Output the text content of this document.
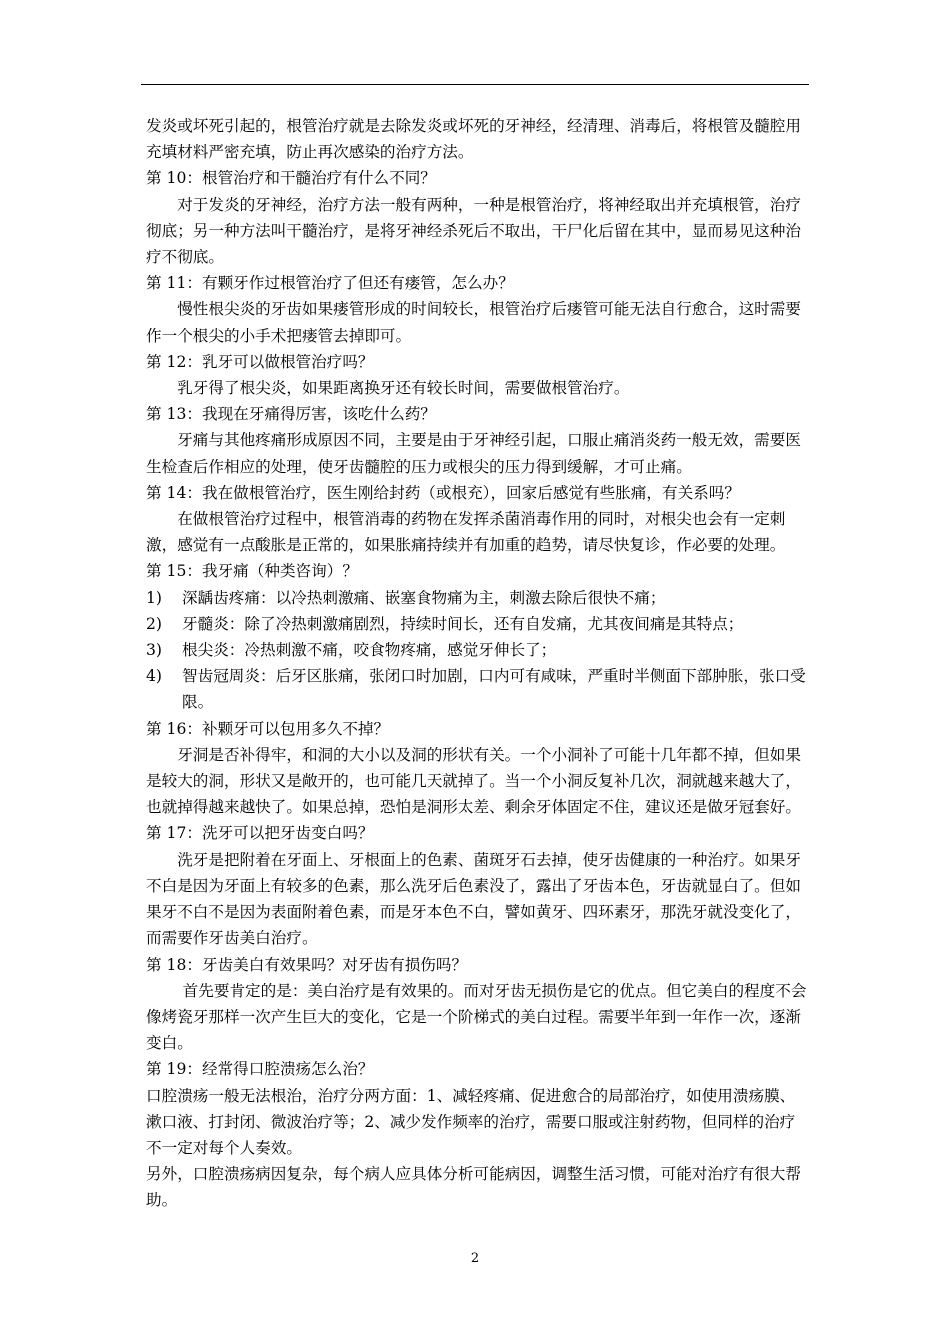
发炎或坏死引起的，根管治疗就是去除发炎或坏死的牙神经，经清理、消毒后，将根管及髓腔用充填材料严密充填，防止再次感染的治疗方法。

第 10：根管治疗和干髓治疗有什么不同？

对于发炎的牙神经，治疗方法一般有两种，一种是根管治疗，将神经取出并充填根管，治疗彻底；另一种方法叫干髓治疗，是将牙神经杀死后不取出，干尸化后留在其中，显而易见这种治疗不彻底。

第 11：有颗牙作过根管治疗了但还有瘘管，怎么办？

慢性根尖炎的牙齿如果瘘管形成的时间较长，根管治疗后瘘管可能无法自行愈合，这时需要作一个根尖的小手术把瘘管去掉即可。

第 12：乳牙可以做根管治疗吗？

乳牙得了根尖炎，如果距离换牙还有较长时间，需要做根管治疗。

第 13：我现在牙痛得厉害，该吃什么药？

牙痛与其他疼痛形成原因不同，主要是由于牙神经引起，口服止痛消炎药一般无效，需要医生检查后作相应的处理，使牙齿髓腔的压力或根尖的压力得到缓解，才可止痛。

第 14：我在做根管治疗，医生刚给封药（或根充），回家后感觉有些胀痛，有关系吗？

在做根管治疗过程中，根管消毒的药物在发挥杀菌消毒作用的同时，对根尖也会有一定刺激，感觉有一点酸胀是正常的，如果胀痛持续并有加重的趋势，请尽快复诊，作必要的处理。

第 15：我牙痛（种类咨询）？

1)	深龋齿疼痛：以冷热刺激痛、嵌塞食物痛为主，刺激去除后很快不痛；
2)	牙髓炎：除了冷热刺激痛剧烈，持续时间长，还有自发痛，尤其夜间痛是其特点；
3)	根尖炎：冷热刺激不痛，咬食物疼痛，感觉牙伸长了；
4)	智齿冠周炎：后牙区胀痛，张闭口时加剧，口内可有咸味，严重时半侧面下部肿胀，张口受限。

第 16：补颗牙可以包用多久不掉？

牙洞是否补得牢，和洞的大小以及洞的形状有关。一个小洞补了可能十几年都不掉，但如果是较大的洞，形状又是敞开的，也可能几天就掉了。当一个小洞反复补几次，洞就越来越大了，也就掉得越来越快了。如果总掉，恐怕是洞形太差、剩余牙体固定不住，建议还是做牙冠套好。

第 17：洗牙可以把牙齿变白吗？

洗牙是把附着在牙面上、牙根面上的色素、菌斑牙石去掉，使牙齿健康的一种治疗。如果牙不白是因为牙面上有较多的色素，那么洗牙后色素没了，露出了牙齿本色，牙齿就显白了。但如果牙不白不是因为表面附着色素，而是牙本色不白，譬如黄牙、四环素牙，那洗牙就没变化了，而需要作牙齿美白治疗。

第 18：牙齿美白有效果吗？对牙齿有损伤吗？

首先要肯定的是：美白治疗是有效果的。而对牙齿无损伤是它的优点。但它美白的程度不会像烤瓷牙那样一次产生巨大的变化，它是一个阶梯式的美白过程。需要半年到一年作一次，逐渐变白。

第 19：经常得口腔溃疡怎么治？

口腔溃疡一般无法根治，治疗分两方面：1、减轻疼痛、促进愈合的局部治疗，如使用溃疡膜、漱口液、打封闭、微波治疗等；2、减少发作频率的治疗，需要口服或注射药物，但同样的治疗不一定对每个人奏效。

另外，口腔溃疡病因复杂，每个病人应具体分析可能病因，调整生活习惯，可能对治疗有很大帮助。

2
